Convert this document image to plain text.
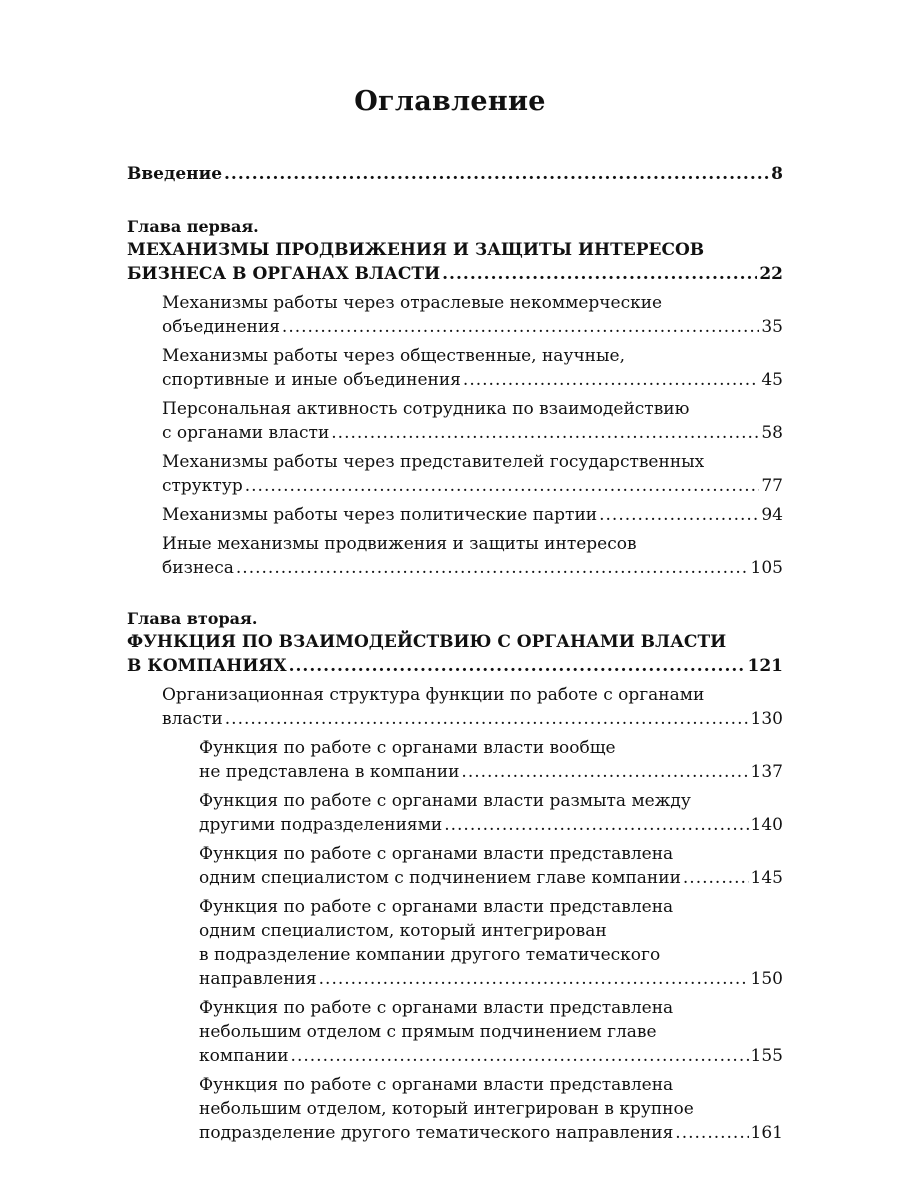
Оглавление
Введение .....	8
Глава первая.
МЕХАНИЗМЫ ПРОДВИЖЕНИЯ И ЗАЩИТЫ ИНТЕРЕСОВ
БИЗНЕСА В ОРГАНАХ ВЛАСТИ .....	22
Механизмы работы через отраслевые некоммерческие
объединения .....	35
Механизмы работы через общественные, научные,
спортивные и иные объединения .....	45
Персональная активность сотрудника по взаимодействию
с органами власти .....	58
Механизмы работы через представителей государственных
структур .....	77
Механизмы работы через политические партии .....	94
Иные механизмы продвижения и защиты интересов
бизнеса .....	105
Глава вторая.
ФУНКЦИЯ ПО ВЗАИМОДЕЙСТВИЮ С ОРГАНАМИ ВЛАСТИ
В КОМПАНИЯХ .....	121
Организационная структура функции по работе с органами
власти .....	130
Функция по работе с органами власти вообще
не представлена в компании .....	137
Функция по работе с органами власти размыта между
другими подразделениями .....	140
Функция по работе с органами власти представлена
одним специалистом с подчинением главе компании .....	145
Функция по работе с органами власти представлена
одним специалистом, который интегрирован
в подразделение компании другого тематического
направления .....	150
Функция по работе с органами власти представлена
небольшим отделом с прямым подчинением главе
компании .....	155
Функция по работе с органами власти представлена
небольшим отделом, который интегрирован в крупное
подразделение другого тематического направления .....	161
